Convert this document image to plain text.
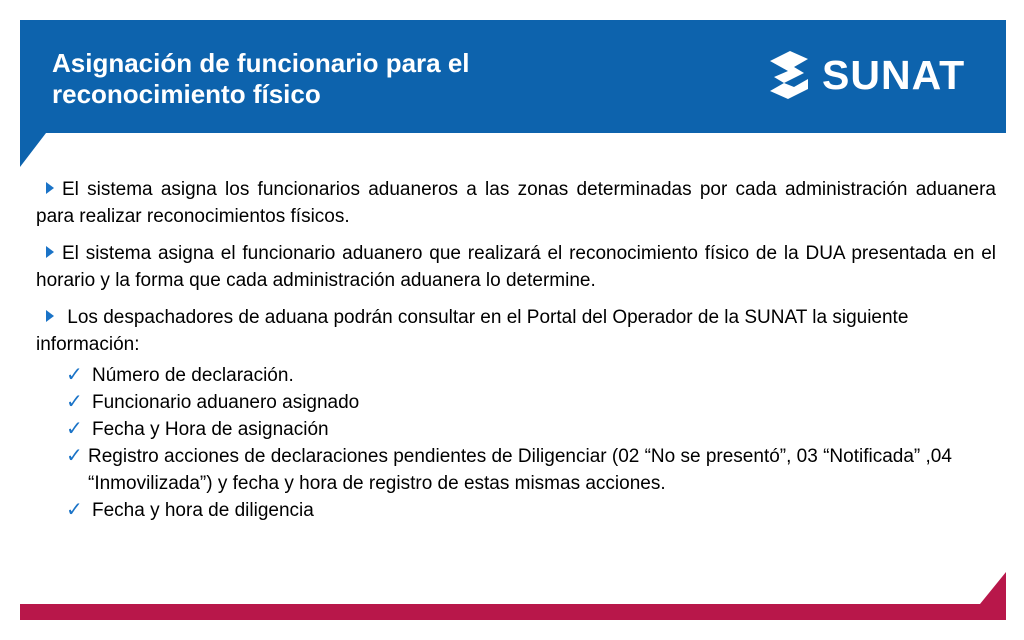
Asignación de funcionario para el reconocimiento físico	SUNAT

El sistema asigna los funcionarios aduaneros a las zonas determinadas por cada administración aduanera para realizar reconocimientos físicos.

El sistema asigna el funcionario aduanero que realizará el reconocimiento físico de la DUA presentada en el horario y la forma que cada administración aduanera lo determine.

Los despachadores de aduana podrán consultar en el Portal del Operador de la SUNAT la siguiente información:

✓ Número de declaración.
✓ Funcionario aduanero asignado
✓ Fecha y Hora de asignación
✓ Registro acciones de declaraciones pendientes de Diligenciar (02 “No se presentó”, 03 “Notificada” ,04 “Inmovilizada”) y fecha y hora de registro de estas mismas acciones.
✓ Fecha y hora de diligencia
